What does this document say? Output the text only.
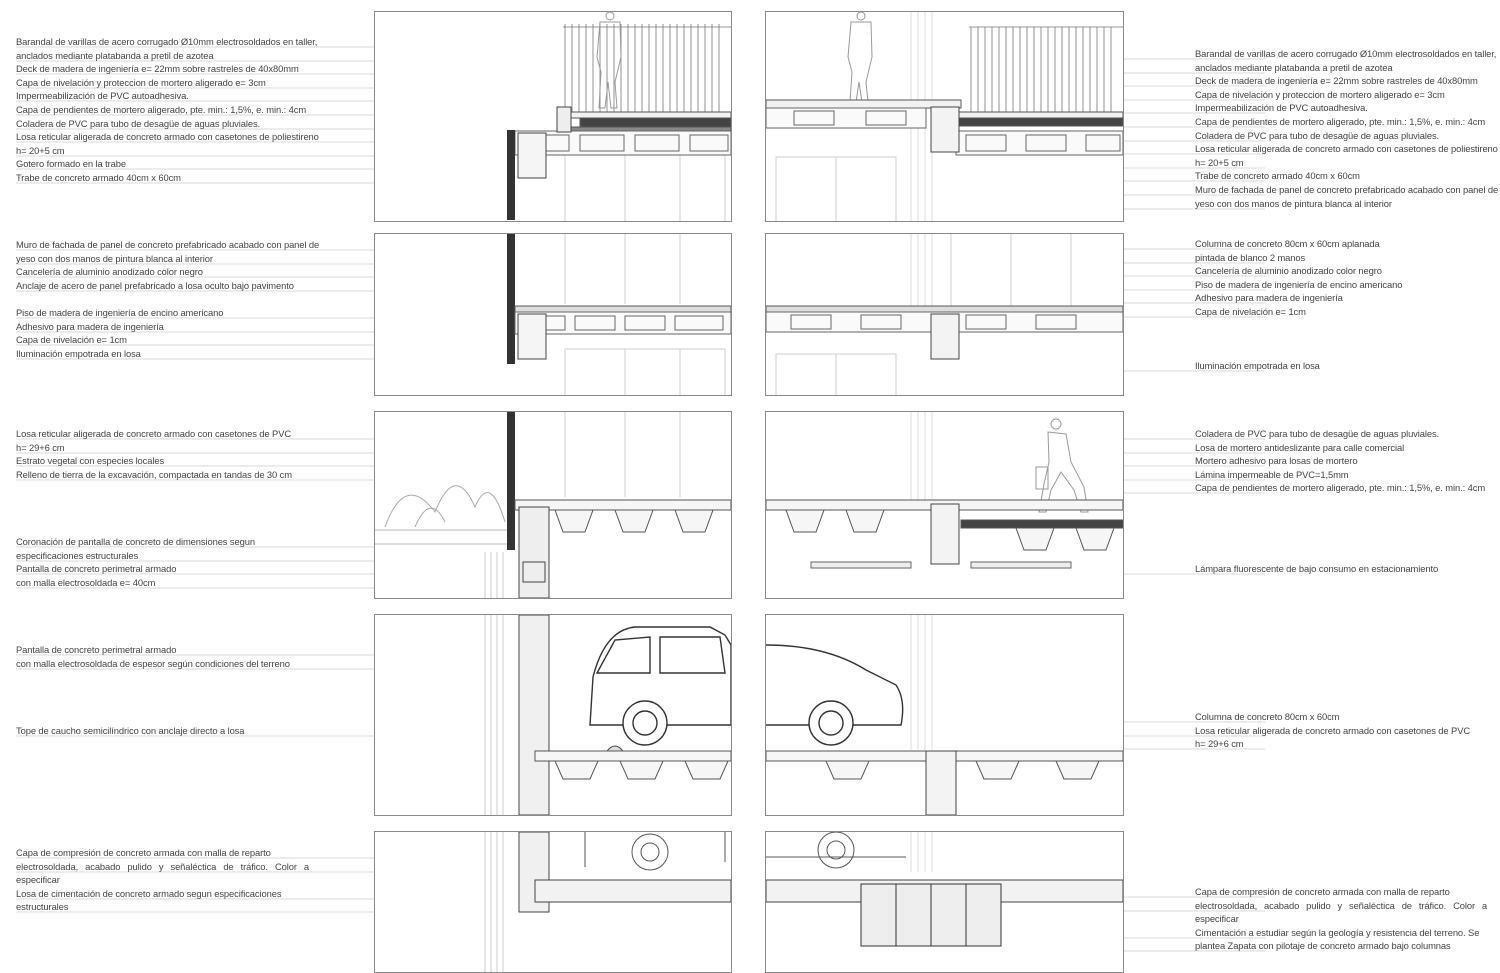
Barandal de varillas de acero corrugado Ø10mm electrosoldados en taller,
anclados mediante platabanda a pretil de azotea
Deck de madera de ingeniería e= 22mm sobre rastreles de 40x80mm
Capa de nivelación y proteccion de mortero aligerado e= 3cm
Impermeabilización de PVC autoadhesiva.
Capa de pendientes de mortero aligerado, pte. min.: 1,5%, e. min.: 4cm
Coladera de PVC para tubo de desagüe de aguas pluviales.
Losa reticular aligerada de concreto armado con casetones de poliestireno
h= 20+5 cm
Gotero formado en la trabe
Trabe de concreto armado 40cm x 60cm
Muro de fachada de panel de concreto prefabricado acabado con panel de
yeso con dos manos de pintura blanca al interior
Cancelería de aluminio anodizado color negro
Anclaje de acero de panel prefabricado a losa oculto bajo pavimento
Piso de madera de ingeniería de encino americano
Adhesivo para madera de ingeniería
Capa de nivelación e= 1cm
Iluminación empotrada en losa
Losa reticular aligerada de concreto armado con casetones de PVC
h= 29+6 cm
Estrato vegetal con especies locales
Relleno de tierra de la excavación, compactada en tandas de 30 cm
Coronación de pantalla de concreto de dimensiones segun
especificaciones estructurales
Pantalla de concreto perimetral armado
con malla electrosoldada e= 40cm
Pantalla de concreto perimetral armado
con malla electrosoldada de espesor según condiciones del terreno
Tope de caucho semicilíndrico con anclaje directo a losa
Capa de compresión de concreto armada con malla de reparto
electrosoldada, acabado pulido y señaléctica de tráfico. Color a especificar
Losa de cimentación de concreto armado segun especificaciones
estructurales
Barandal de varillas de acero corrugado Ø10mm electrosoldados en taller,
anclados mediante platabanda a pretil de azotea
Deck de madera de ingeniería e= 22mm sobre rastreles de 40x80mm
Capa de nivelación y proteccion de mortero aligerado e= 3cm
Impermeabilización de PVC autoadhesiva.
Capa de pendientes de mortero aligerado, pte. min.: 1,5%, e. min.: 4cm
Coladera de PVC para tubo de desagüe de aguas pluviales.
Losa reticular aligerada de concreto armado con casetones de poliestireno
h= 20+5 cm
Trabe de concreto armado 40cm x 60cm
Muro de fachada de panel de concreto prefabricado acabado con panel de
yeso con dos manos de pintura blanca al interior
Columna de concreto 80cm x 60cm aplanada
pintada de blanco 2 manos
Cancelería de aluminio anodizado color negro
Piso de madera de ingeniería de encino americano
Adhesivo para madera de ingeniería
Capa de nivelación e= 1cm
Iluminación empotrada en losa
Coladera de PVC para tubo de desagüe de aguas pluviales.
Losa de mortero antideslizante para calle comercial
Mortero adhesivo para losas de mortero
Lámina impermeable de PVC=1,5mm
Capa de pendientes de mortero aligerado, pte. min.: 1,5%, e. min.: 4cm
Lámpara fluorescente de bajo consumo en estacionamiento
Columna de concreto 80cm x 60cm
Losa reticular aligerada de concreto armado con casetones de PVC
h= 29+6 cm
Capa de compresión de concreto armada con malla de reparto
electrosoldada, acabado pulido y señaléctica de tráfico. Color a especificar
Cimentación a estudiar según la geología y resistencia del terreno. Se
plantea Zapata con pilotaje de concreto armado bajo columnas
